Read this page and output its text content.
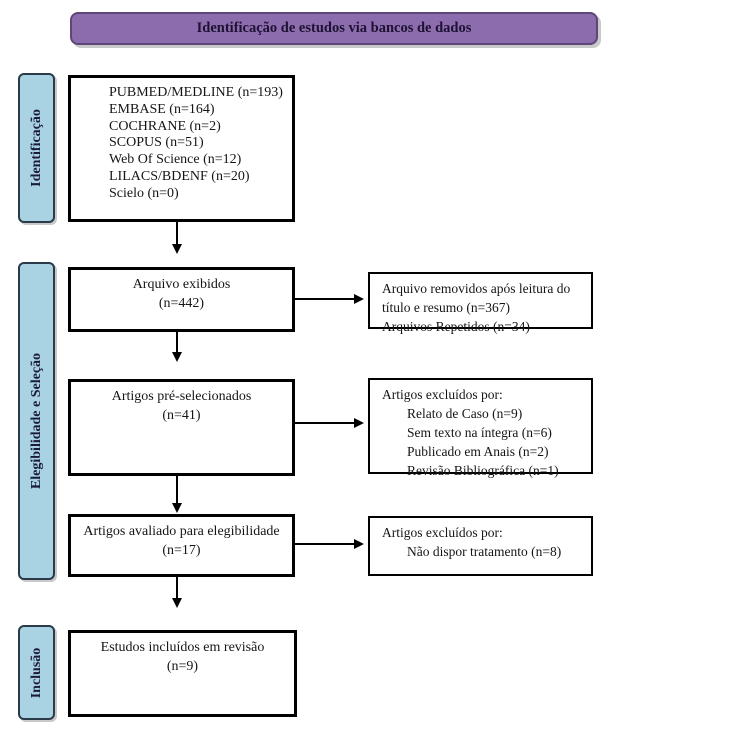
Identificação de estudos via bancos de dados
Identificação
Elegibilidade e Seleção
Inclusão
PUBMED/MEDLINE (n=193)
EMBASE (n=164)
COCHRANE (n=2)
SCOPUS (n=51)
Web Of Science (n=12)
LILACS/BDENF (n=20)
Scielo (n=0)
Arquivo exibidos
(n=442)
Artigos pré-selecionados
(n=41)
Artigos avaliado para elegibilidade
(n=17)
Estudos incluídos em revisão
(n=9)
Arquivo removidos após leitura do título e resumo (n=367)
Arquivos Repetidos (n=34)
Artigos excluídos por:
Relato de Caso (n=9)
Sem texto na íntegra (n=6)
Publicado em Anais (n=2)
Revisão Bibliográfica (n=1)
Artigos excluídos por:
Não dispor tratamento (n=8)
